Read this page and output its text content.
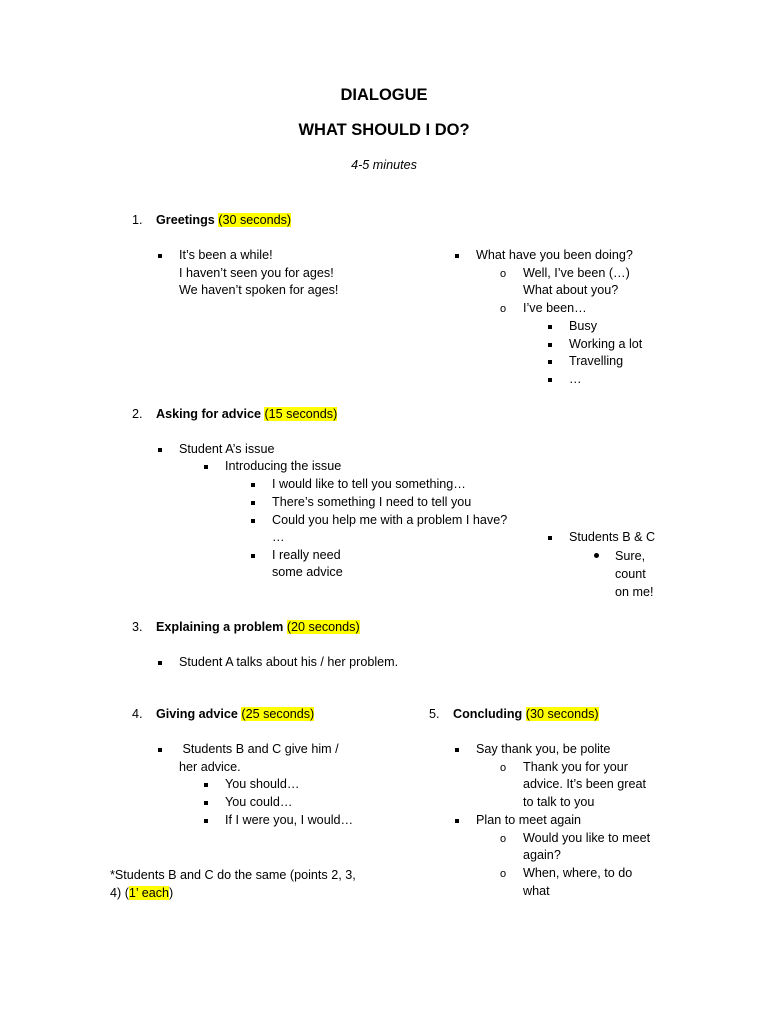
DIALOGUE
WHAT SHOULD I DO?
4-5 minutes
1. Greetings (30 seconds)
It’s been a while!
I haven’t seen you for ages!
We haven’t spoken for ages!
What have you been doing?
o Well, I’ve been (…)
What about you?
o I’ve been…
Busy
Working a lot
Travelling
…
2. Asking for advice (15 seconds)
Student A’s issue
Introducing the issue
I would like to tell you something…
There’s something I need to tell you
Could you help me with a problem I have?
…
I really need
some advice
Students B & C
Sure,
count
on me!
3. Explaining a problem (20 seconds)
Student A talks about his / her problem.
4. Giving advice (25 seconds)
Students B and C give him /
her advice.
You should…
You could…
If I were you, I would…
5. Concluding (30 seconds)
Say thank you, be polite
o Thank you for your
advice. It’s been great
to talk to you
Plan to meet again
o Would you like to meet
again?
o When, where, to do
what
*Students B and C do the same (points 2, 3,
4) (1’ each)
